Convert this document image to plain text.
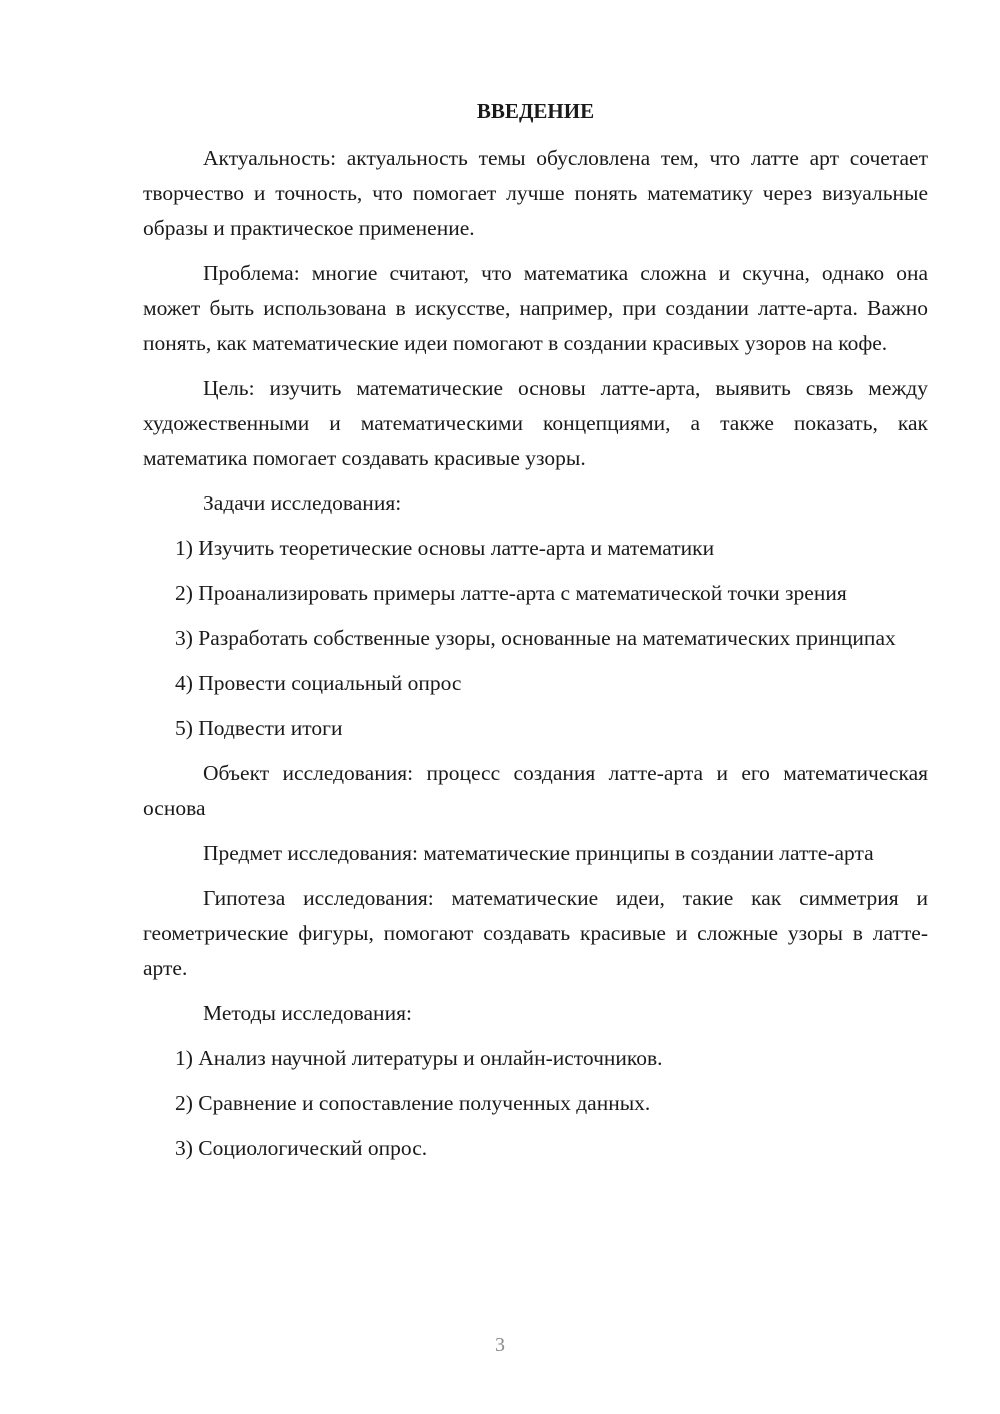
ВВЕДЕНИЕ

Актуальность: актуальность темы обусловлена тем, что латте арт сочетает творчество и точность, что помогает лучше понять математику через визуальные образы и практическое применение.

Проблема: многие считают, что математика сложна и скучна, однако она может быть использована в искусстве, например, при создании латте-арта. Важно понять, как математические идеи помогают в создании красивых узоров на кофе.

Цель: изучить математические основы латте-арта, выявить связь между художественными и математическими концепциями, а также показать, как математика помогает создавать красивые узоры.

Задачи исследования:

1) Изучить теоретические основы латте-арта и математики

2) Проанализировать примеры латте-арта с математической точки зрения

3) Разработать собственные узоры, основанные на математических принципах

4) Провести социальный опрос

5) Подвести итоги

Объект исследования: процесс создания латте-арта и его математическая основа

Предмет исследования: математические принципы в создании латте-арта

Гипотеза исследования: математические идеи, такие как симметрия и геометрические фигуры, помогают создавать красивые и сложные узоры в латте-арте.

Методы исследования:

1) Анализ научной литературы и онлайн-источников.

2) Сравнение и сопоставление полученных данных.

3) Социологический опрос.

3
